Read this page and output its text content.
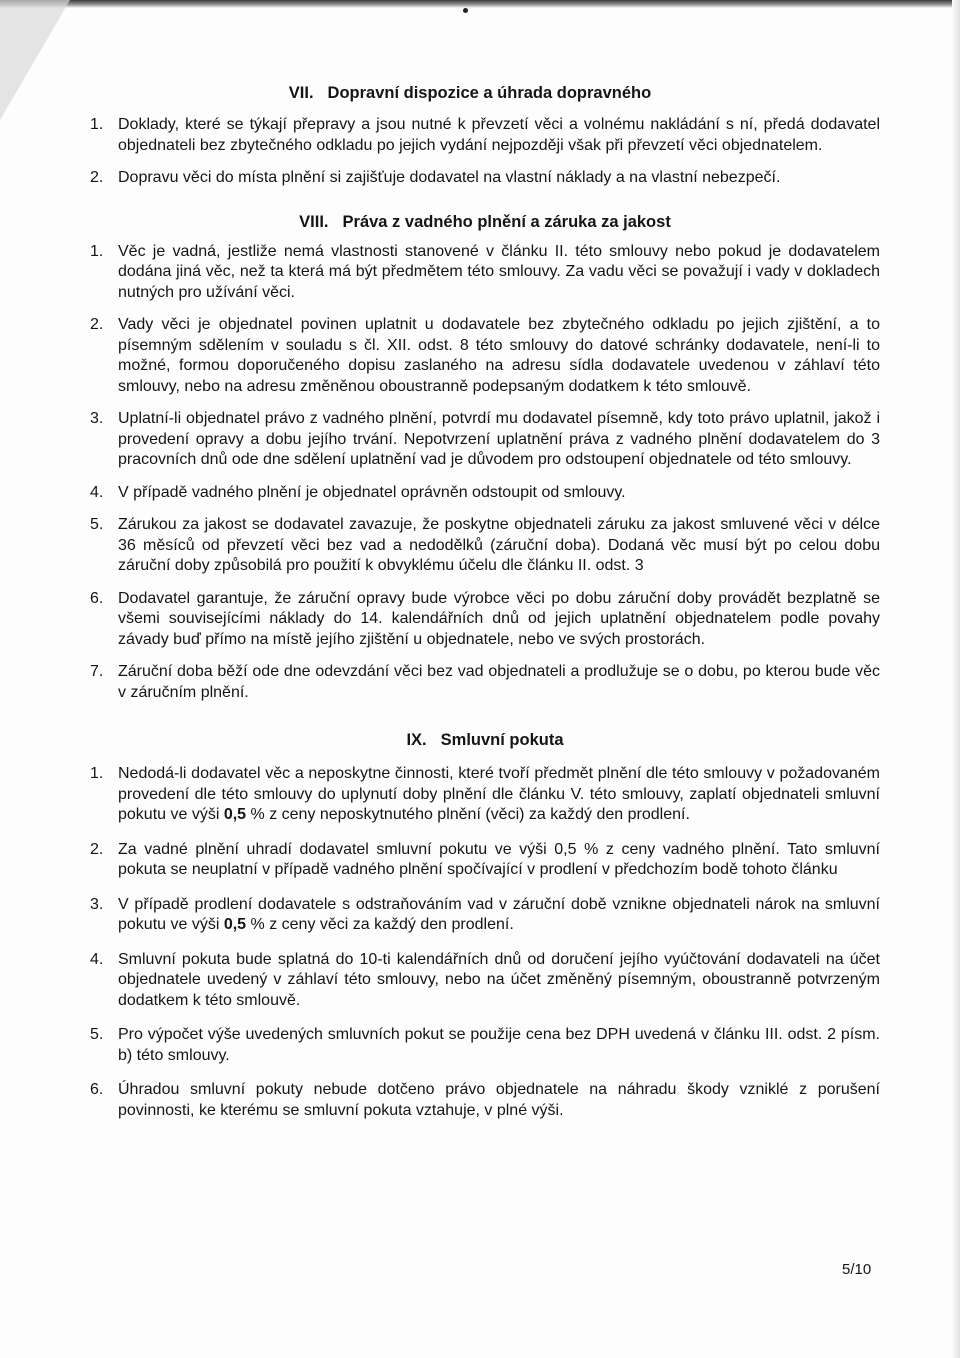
VII. Dopravní dispozice a úhrada dopravného
1. Doklady, které se týkají přepravy a jsou nutné k převzetí věci a volnému nakládání s ní, předá dodavatel objednateli bez zbytečného odkladu po jejich vydání nejpozději však při převzetí věci objednatelem.
2. Dopravu věci do místa plnění si zajišťuje dodavatel na vlastní náklady a na vlastní nebezpečí.
VIII. Práva z vadného plnění a záruka za jakost
1. Věc je vadná, jestliže nemá vlastnosti stanovené v článku II. této smlouvy nebo pokud je dodavatelem dodána jiná věc, než ta která má být předmětem této smlouvy. Za vadu věci se považují i vady v dokladech nutných pro užívání věci.
2. Vady věci je objednatel povinen uplatnit u dodavatele bez zbytečného odkladu po jejich zjištění, a to písemným sdělením v souladu s čl. XII. odst. 8 této smlouvy do datové schránky dodavatele, není-li to možné, formou doporučeného dopisu zaslaného na adresu sídla dodavatele uvedenou v záhlaví této smlouvy, nebo na adresu změněnou oboustranně podepsaným dodatkem k této smlouvě.
3. Uplatní-li objednatel právo z vadného plnění, potvrdí mu dodavatel písemně, kdy toto právo uplatnil, jakož i provedení opravy a dobu jejího trvání. Nepotvrzení uplatnění práva z vadného plnění dodavatelem do 3 pracovních dnů ode dne sdělení uplatnění vad je důvodem pro odstoupení objednatele od této smlouvy.
4. V případě vadného plnění je objednatel oprávněn odstoupit od smlouvy.
5. Zárukou za jakost se dodavatel zavazuje, že poskytne objednateli záruku za jakost smluvené věci v délce 36 měsíců od převzetí věci bez vad a nedodělků (záruční doba). Dodaná věc musí být po celou dobu záruční doby způsobilá pro použití k obvyklému účelu dle článku II. odst. 3
6. Dodavatel garantuje, že záruční opravy bude výrobce věci po dobu záruční doby provádět bezplatně se všemi souvisejícími náklady do 14. kalendářních dnů od jejich uplatnění objednatelem podle povahy závady buď přímo na místě jejího zjištění u objednatele, nebo ve svých prostorách.
7. Záruční doba běží ode dne odevzdání věci bez vad objednateli a prodlužuje se o dobu, po kterou bude věc v záručním plnění.
IX. Smluvní pokuta
1. Nedodá-li dodavatel věc a neposkytne činnosti, které tvoří předmět plnění dle této smlouvy v požadovaném provedení dle této smlouvy do uplynutí doby plnění dle článku V. této smlouvy, zaplatí objednateli smluvní pokutu ve výši 0,5 % z ceny neposkytnutého plnění (věci) za každý den prodlení.
2. Za vadné plnění uhradí dodavatel smluvní pokutu ve výši 0,5 % z ceny vadného plnění. Tato smluvní pokuta se neuplatní v případě vadného plnění spočívající v prodlení v předchozím bodě tohoto článku
3. V případě prodlení dodavatele s odstraňováním vad v záruční době vznikne objednateli nárok na smluvní pokutu ve výši 0,5 % z ceny věci za každý den prodlení.
4. Smluvní pokuta bude splatná do 10-ti kalendářních dnů od doručení jejího vyúčtování dodavateli na účet objednatele uvedený v záhlaví této smlouvy, nebo na účet změněný písemným, oboustranně potvrzeným dodatkem k této smlouvě.
5. Pro výpočet výše uvedených smluvních pokut se použije cena bez DPH uvedená v článku III. odst. 2 písm. b) této smlouvy.
6. Úhradou smluvní pokuty nebude dotčeno právo objednatele na náhradu škody vzniklé z porušení povinnosti, ke kterému se smluvní pokuta vztahuje, v plné výši.
5/10
